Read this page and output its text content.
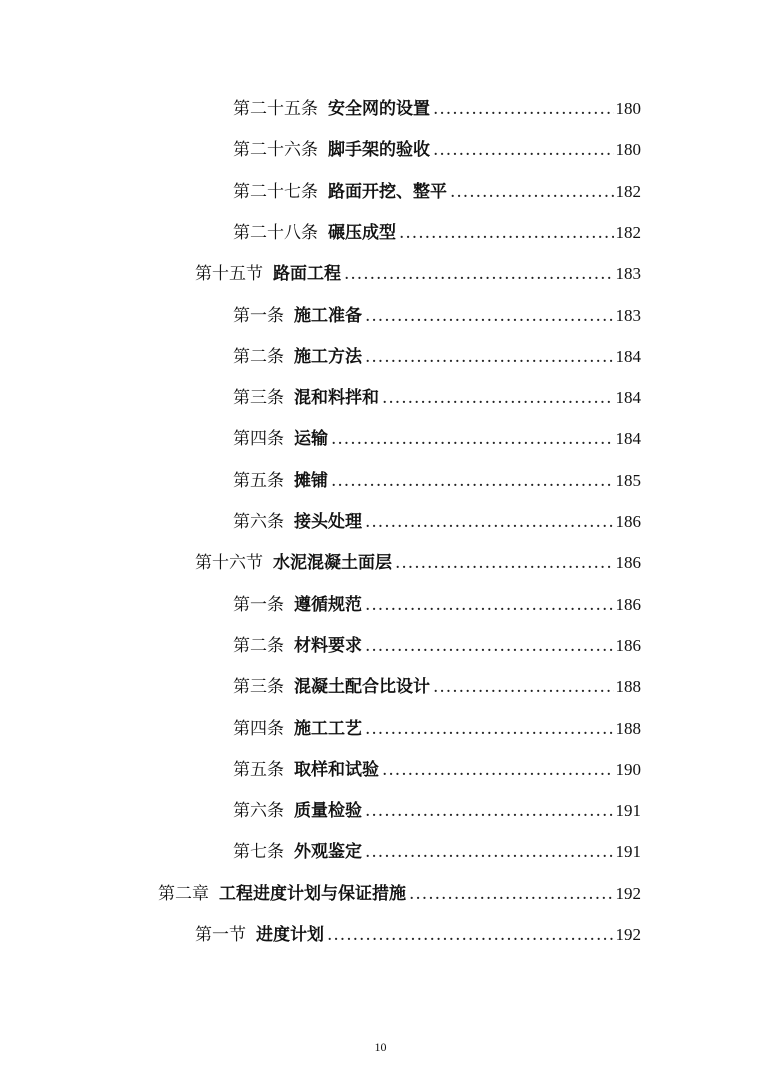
第二十五条 安全网的设置 .....	180
第二十六条 脚手架的验收 .....	180
第二十七条 路面开挖、整平 .....	182
第二十八条 碾压成型 .....	182
第十五节 路面工程 .....	183
第一条 施工准备 .....	183
第二条 施工方法 .....	184
第三条 混和料拌和 .....	184
第四条 运输 .....	184
第五条 摊铺 .....	185
第六条 接头处理 .....	186
第十六节 水泥混凝土面层 .....	186
第一条 遵循规范 .....	186
第二条 材料要求 .....	186
第三条 混凝土配合比设计 .....	188
第四条 施工工艺 .....	188
第五条 取样和试验 .....	190
第六条 质量检验 .....	191
第七条 外观鉴定 .....	191
第二章 工程进度计划与保证措施 .....	192
第一节 进度计划 .....	192
10
